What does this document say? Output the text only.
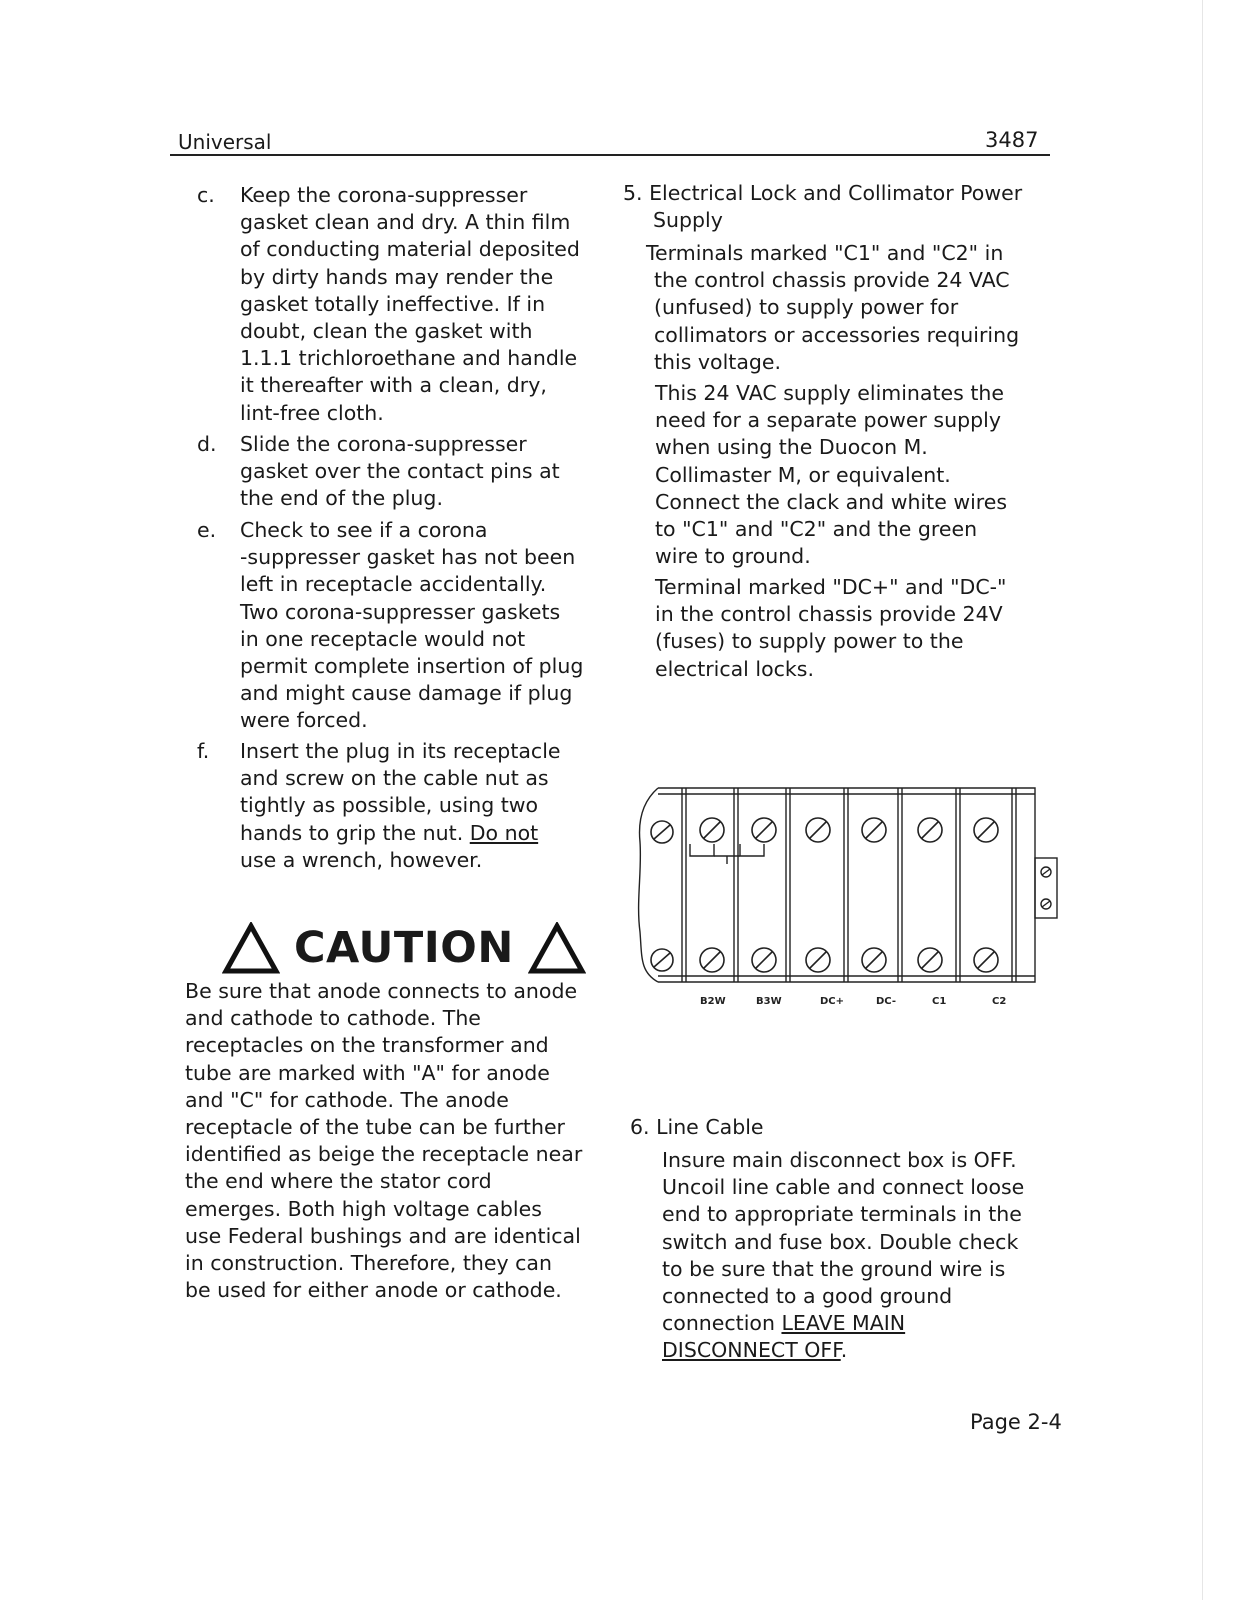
Universal	3487
c. Keep the corona-suppresser
gasket clean and dry. A thin film
of conducting material deposited
by dirty hands may render the
gasket totally ineffective. If in
doubt, clean the gasket with
1.1.1 trichloroethane and handle
it thereafter with a clean, dry,
lint-free cloth.
d. Slide the corona-suppresser
gasket over the contact pins at
the end of the plug.
e. Check to see if a corona
-suppresser gasket has not been
left in receptacle accidentally.
Two corona-suppresser gaskets
in one receptacle would not
permit complete insertion of plug
and might cause damage if plug
were forced.
f. Insert the plug in its receptacle
and screw on the cable nut as
tightly as possible, using two
hands to grip the nut. Do not
use a wrench, however.
CAUTION
Be sure that anode connects to anode
and cathode to cathode. The
receptacles on the transformer and
tube are marked with "A" for anode
and "C" for cathode. The anode
receptacle of the tube can be further
identified as beige the receptacle near
the end where the stator cord
emerges. Both high voltage cables
use Federal bushings and are identical
in construction. Therefore, they can
be used for either anode or cathode.
5. Electrical Lock and Collimator Power
Supply
Terminals marked "C1" and "C2" in
the control chassis provide 24 VAC
(unfused) to supply power for
collimators or accessories requiring
this voltage.
This 24 VAC supply eliminates the
need for a separate power supply
when using the Duocon M.
Collimaster M, or equivalent.
Connect the clack and white wires
to "C1" and "C2" and the green
wire to ground.
Terminal marked "DC+" and "DC-"
in the control chassis provide 24V
(fuses) to supply power to the
electrical locks.
B2W	B3W	DC+	DC-	C1	C2
6. Line Cable
Insure main disconnect box is OFF.
Uncoil line cable and connect loose
end to appropriate terminals in the
switch and fuse box. Double check
to be sure that the ground wire is
connected to a good ground
connection LEAVE MAIN
DISCONNECT OFF.
Page 2-4
